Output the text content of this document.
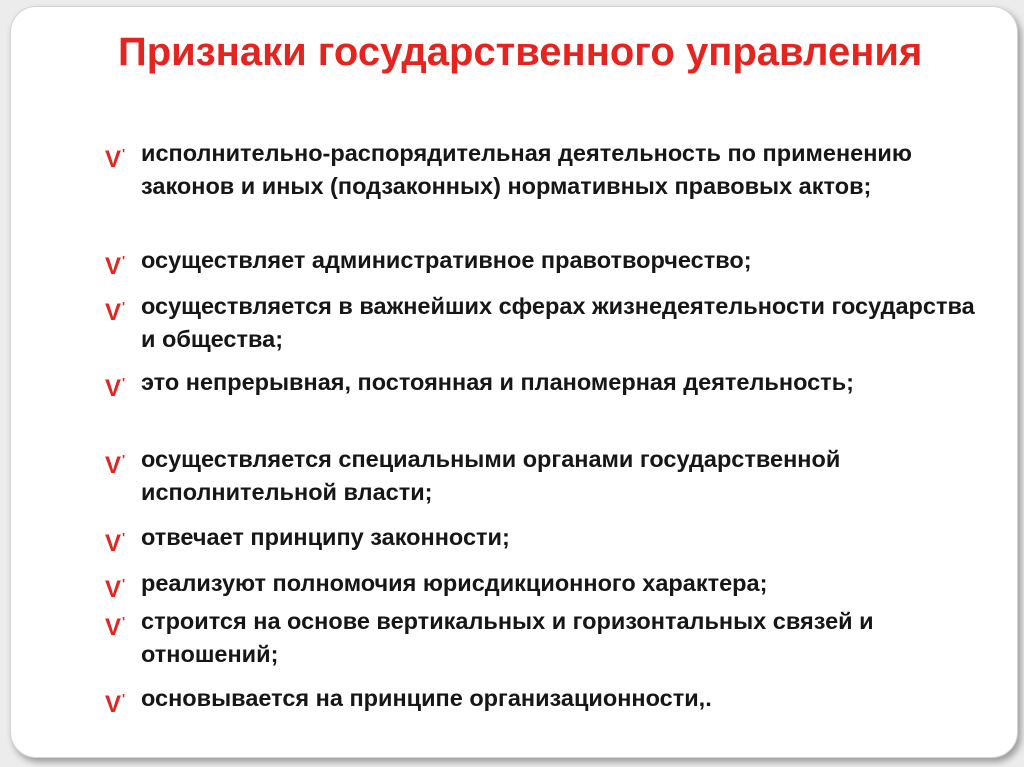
Признаки государственного управления
V' исполнительно-распорядительная деятельность по применению законов и иных (подзаконных) нормативных правовых актов;
V' осуществляет административное правотворчество;
V' осуществляется в важнейших сферах жизнедеятельности государства и общества;
V' это непрерывная, постоянная и планомерная деятельность;
V' осуществляется специальными органами государственной исполнительной власти;
V' отвечает принципу законности;
V' реализуют полномочия юрисдикционного характера;
V' строится на основе вертикальных и горизонтальных связей и отношений;
V' основывается на принципе организационности,.
